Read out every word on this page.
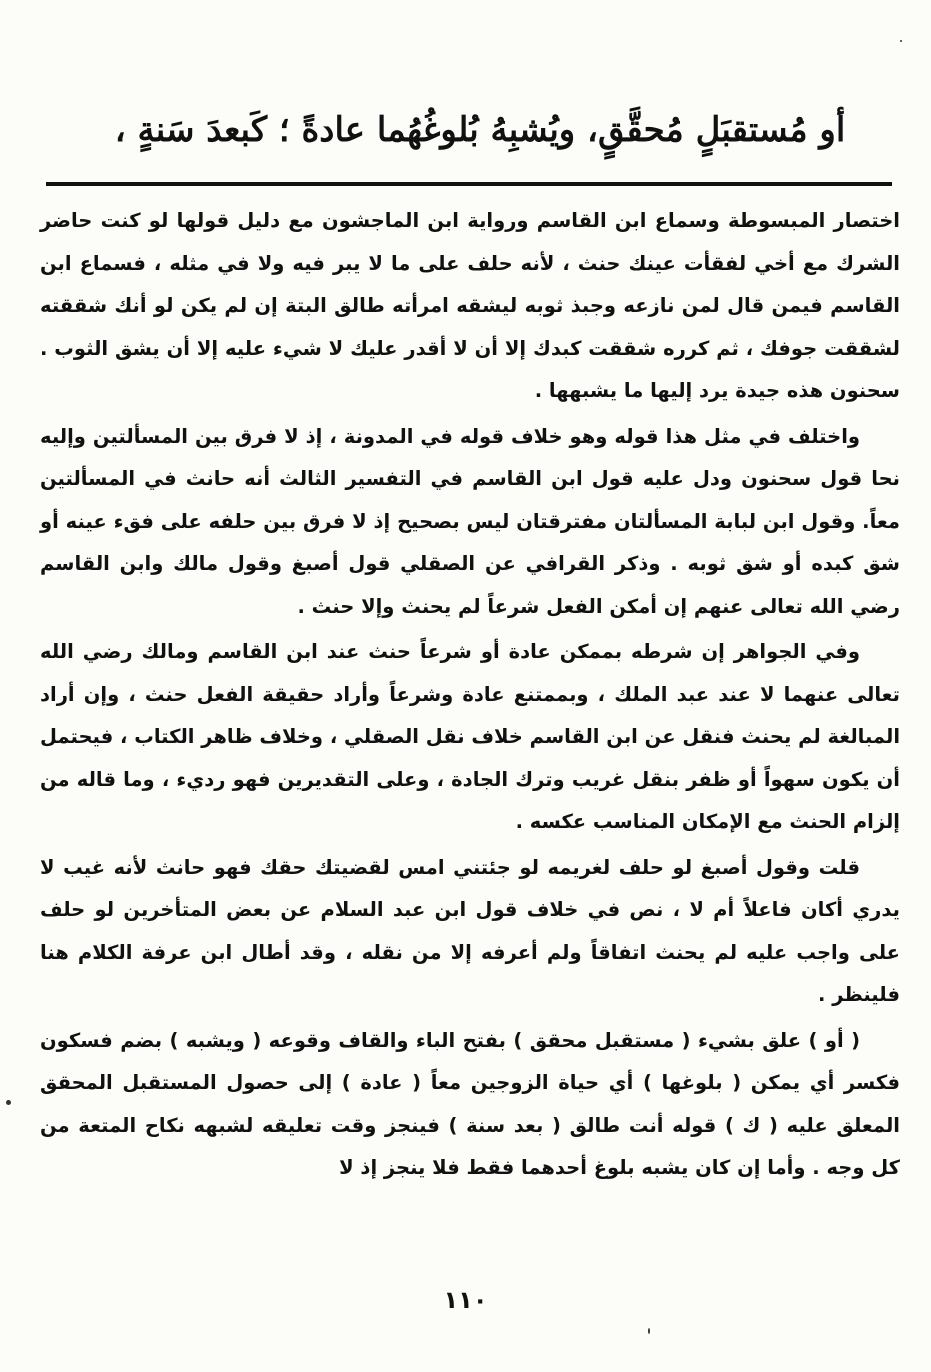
أو مُستقبَلٍ مُحقَّقٍ، ويُشبِهُ بُلوغُهُما عادةً ؛ كَبعدَ سَنةٍ ،

اختصار المبسوطة وسماع ابن القاسم ورواية ابن الماجشون مع دليل قولها لو كنت حاضر الشرك مع أخي لفقأت عينك حنث ، لأنه حلف على ما لا يبر فيه ولا في مثله ، فسماع ابن القاسم فيمن قال لمن نازعه وجبذ ثوبه ليشقه امرأته طالق البتة إن لم يكن لو أنك شققته لشققت جوفك ، ثم كرره شققت كبدك إلا أن لا أقدر عليك لا شيء عليه إلا أن يشق الثوب . سحنون هذه جيدة يرد إليها ما يشبهها .

واختلف في مثل هذا قوله وهو خلاف قوله في المدونة ، إذ لا فرق بين المسألتين وإليه نحا قول سحنون ودل عليه قول ابن القاسم في التفسير الثالث أنه حانث في المسألتين معاً. وقول ابن لبابة المسألتان مفترقتان ليس بصحيح إذ لا فرق بين حلفه على فقء عينه أو شق كبده أو شق ثوبه . وذكر القرافي عن الصقلي قول أصبغ وقول مالك وابن القاسم رضي الله تعالى عنهم إن أمكن الفعل شرعاً لم يحنث وإلا حنث .

وفي الجواهر إن شرطه بممكن عادة أو شرعاً حنث عند ابن القاسم ومالك رضي الله تعالى عنهما لا عند عبد الملك ، وبممتنع عادة وشرعاً وأراد حقيقة الفعل حنث ، وإن أراد المبالغة لم يحنث فنقل عن ابن القاسم خلاف نقل الصقلي ، وخلاف ظاهر الكتاب ، فيحتمل أن يكون سهواً أو ظفر بنقل غريب وترك الجادة ، وعلى التقديرين فهو رديء ، وما قاله من إلزام الحنث مع الإمكان المناسب عكسه .

قلت وقول أصبغ لو حلف لغريمه لو جئتني امس لقضيتك حقك فهو حانث لأنه غيب لا يدري أكان فاعلاً أم لا ، نص في خلاف قول ابن عبد السلام عن بعض المتأخرين لو حلف على واجب عليه لم يحنث اتفاقاً ولم أعرفه إلا من نقله ، وقد أطال ابن عرفة الكلام هنا فلينظر .

( أو ) علق بشيء ( مستقبل محقق ) بفتح الباء والقاف وقوعه ( ويشبه ) بضم فسكون فكسر أي يمكن ( بلوغها ) أي حياة الزوجين معاً ( عادة ) إلى حصول المستقبل المحقق المعلق عليه ( ك ) قوله أنت طالق ( بعد سنة ) فينجز وقت تعليقه لشبهه نكاح المتعة من كل وجه . وأما إن كان يشبه بلوغ أحدهما فقط فلا ينجز إذ لا

١١٠
